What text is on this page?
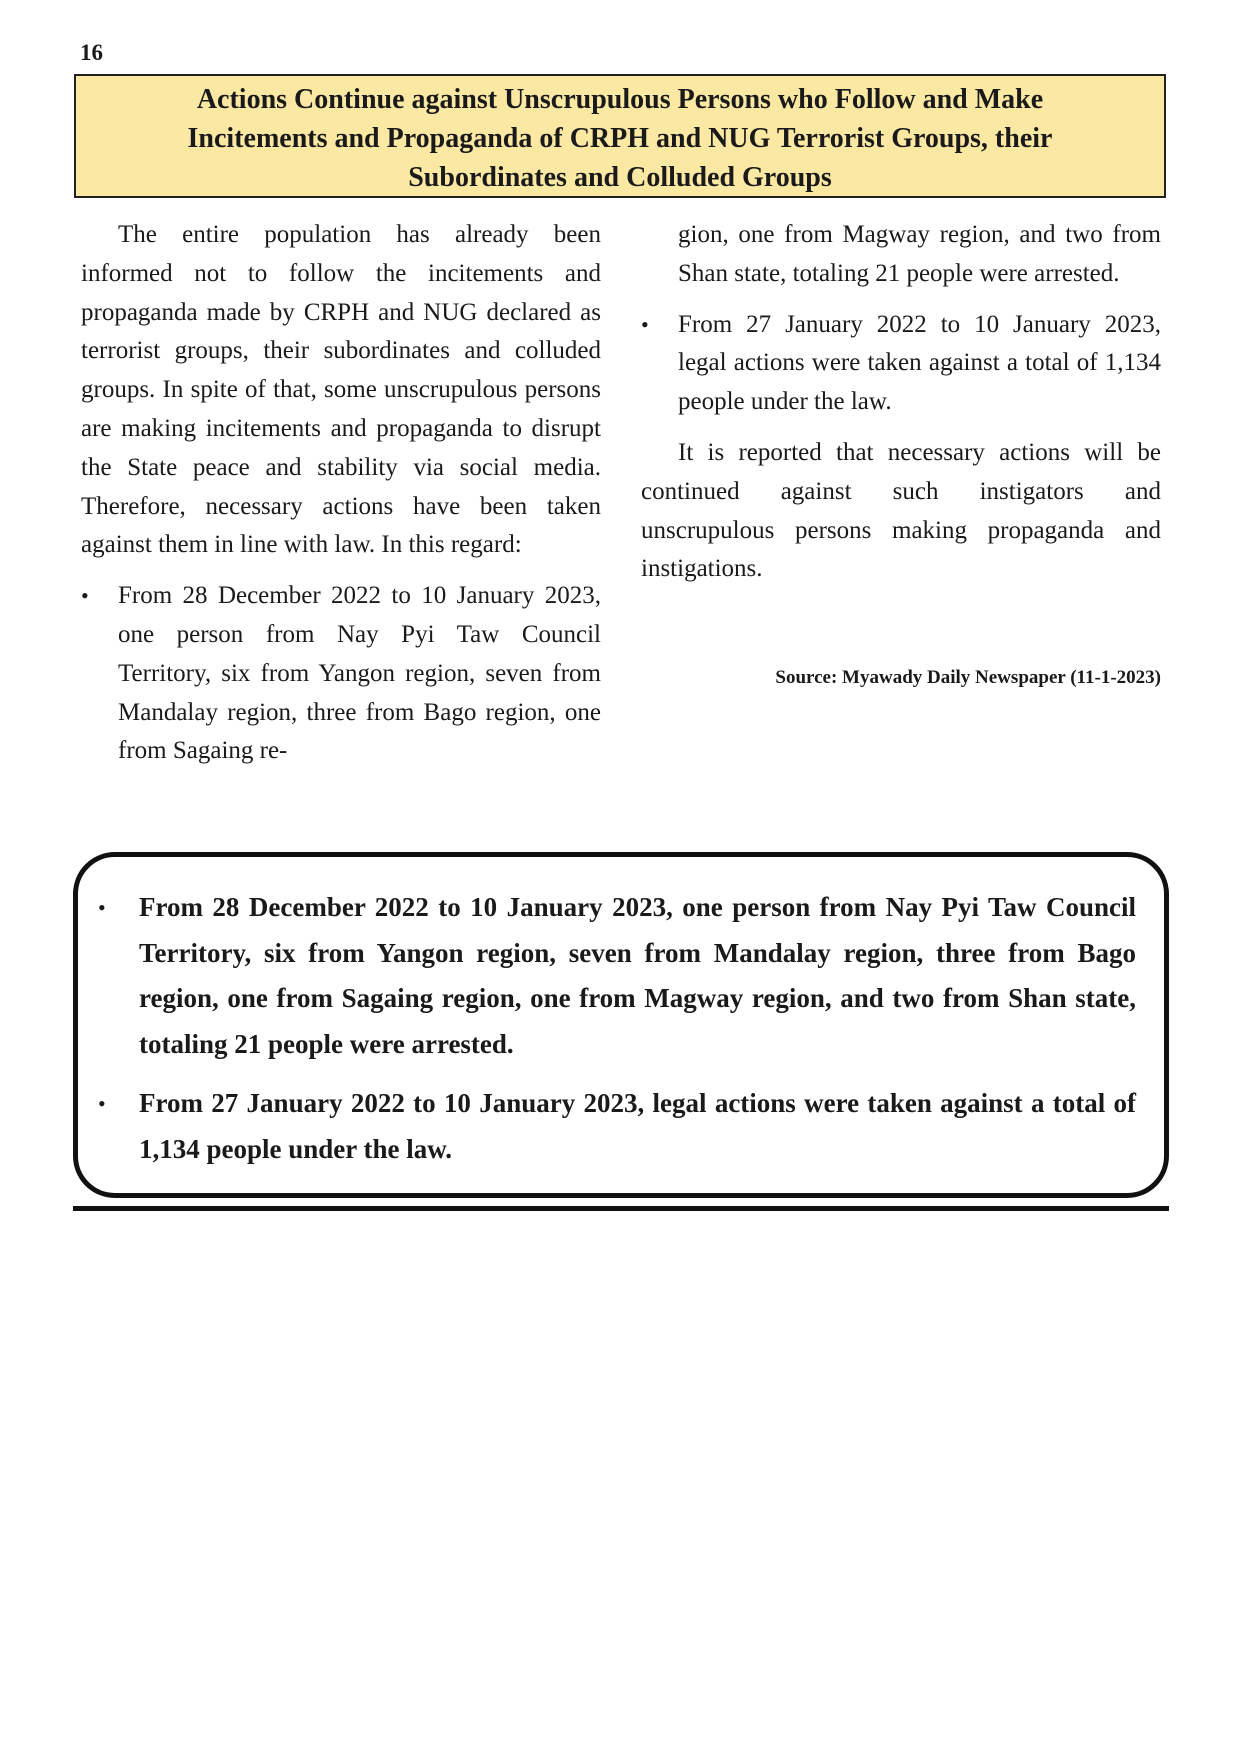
16
Actions Continue against Unscrupulous Persons who Follow and Make
Incitements and Propaganda of CRPH and NUG Terrorist Groups, their
Subordinates and Colluded Groups

The entire population has already been informed not to follow the incitements and propaganda made by CRPH and NUG declared as terrorist groups, their subordinates and colluded groups. In spite of that, some unscrupulous persons are making incitements and propaganda to disrupt the State peace and stability via social media. Therefore, necessary actions have been taken against them in line with law. In this regard:

• From 28 December 2022 to 10 January 2023, one person from Nay Pyi Taw Council Territory, six from Yangon region, seven from Mandalay region, three from Bago region, one from Sagaing re-
gion, one from Magway region, and two from Shan state, totaling 21 people were arrested.
• From 27 January 2022 to 10 January 2023, legal actions were taken against a total of 1,134 people under the law.

It is reported that necessary actions will be continued against such instigators and unscrupulous persons making propaganda and instigations.

Source: Myawady Daily Newspaper (11-1-2023)
• From 28 December 2022 to 10 January 2023, one person from Nay Pyi Taw Council Territory, six from Yangon region, seven from Mandalay region, three from Bago region, one from Sagaing region, one from Magway region, and two from Shan state, totaling 21 people were arrested.
• From 27 January 2022 to 10 January 2023, legal actions were taken against a total of 1,134 people under the law.
